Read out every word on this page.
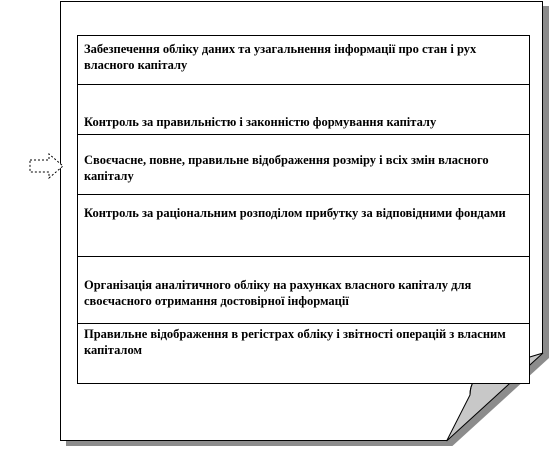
Забезпечення обліку даних та узагальнення інформації про стан і рух власного капіталу
Контроль за правильністю і законністю формування капіталу
Своєчасне, повне, правильне відображення розміру і всіх змін власного капіталу
Контроль за раціональним розподілом прибутку за відповідними фондами
Організація аналітичного обліку на рахунках власного капіталу для своєчасного отримання достовірної інформації
Правильне відображення в регістрах обліку і звітності операцій з власним капіталом
